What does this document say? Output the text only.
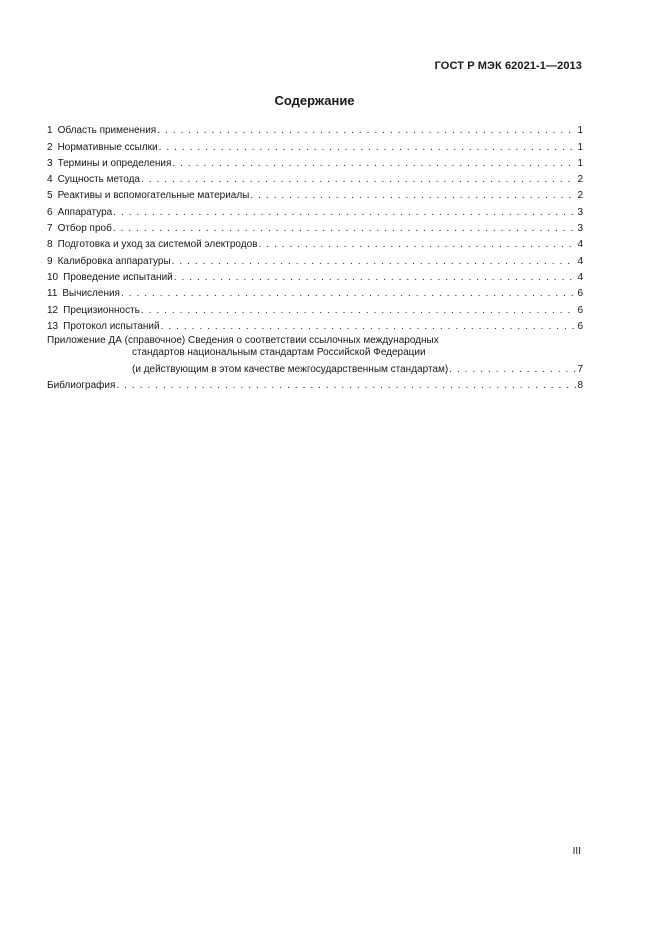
ГОСТ Р МЭК 62021-1—2013
Содержание
1 Область применения . . .	1
2 Нормативные ссылки . . .	1
3 Термины и определения . . .	1
4 Сущность метода . . .	2
5 Реактивы и вспомогательные материалы . . .	2
6 Аппаратура . . .	3
7 Отбор проб . . .	3
8 Подготовка и уход за системой электродов . . .	4
9 Калибровка аппаратуры . . .	4
10 Проведение испытаний . . .	4
11 Вычисления . . .	6
12 Прецизионность . . .	6
13 Протокол испытаний . . .	6
Приложение ДА (справочное) Сведения о соответствии ссылочных международных
стандартов национальным стандартам Российской Федерации
(и действующим в этом качестве межгосударственным стандартам) . . .	7
Библиография . . .	8
III
